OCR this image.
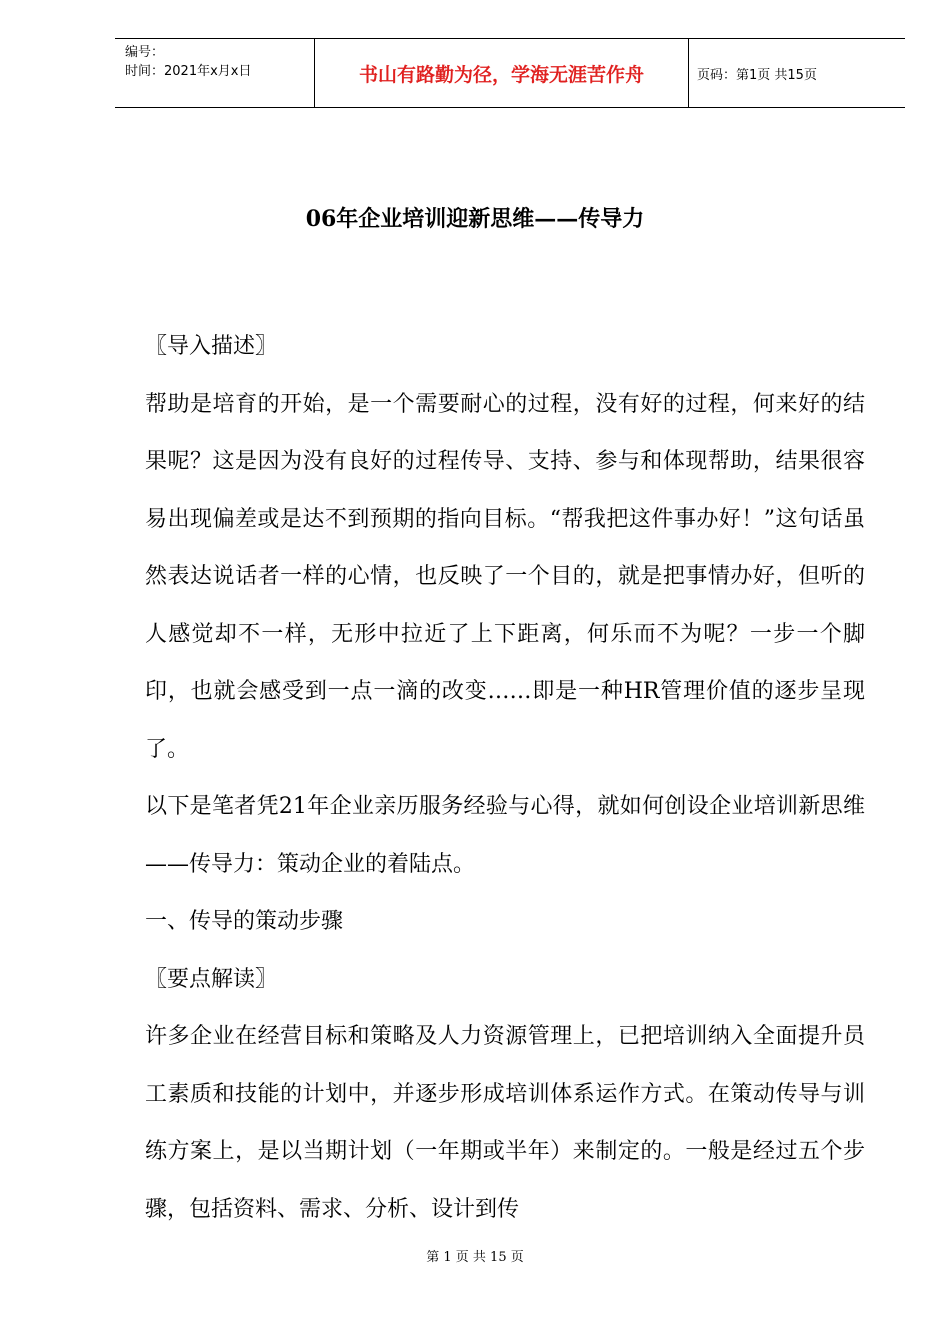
编号：
时间：2021年x月x日	书山有路勤为径，学海无涯苦作舟	页码：第1页 共15页
06年企业培训迎新思维——传导力

〖导入描述〗

帮助是培育的开始，是一个需要耐心的过程，没有好的过程，何来好的结果呢？这是因为没有良好的过程传导、支持、参与和体现帮助，结果很容易出现偏差或是达不到预期的指向目标。“帮我把这件事办好！”这句话虽然表达说话者一样的心情，也反映了一个目的，就是把事情办好，但听的人感觉却不一样，无形中拉近了上下距离，何乐而不为呢？一步一个脚印，也就会感受到一点一滴的改变……即是一种HR管理价值的逐步呈现了。

以下是笔者凭21年企业亲历服务经验与心得，就如何创设企业培训新思维——传导力：策动企业的着陆点。

一、传导的策动步骤

〖要点解读〗

许多企业在经营目标和策略及人力资源管理上，已把培训纳入全面提升员工素质和技能的计划中，并逐步形成培训体系运作方式。在策动传导与训练方案上，是以当期计划（一年期或半年）来制定的。一般是经过五个步骤，包括资料、需求、分析、设计到传

第 1 页 共 15 页
